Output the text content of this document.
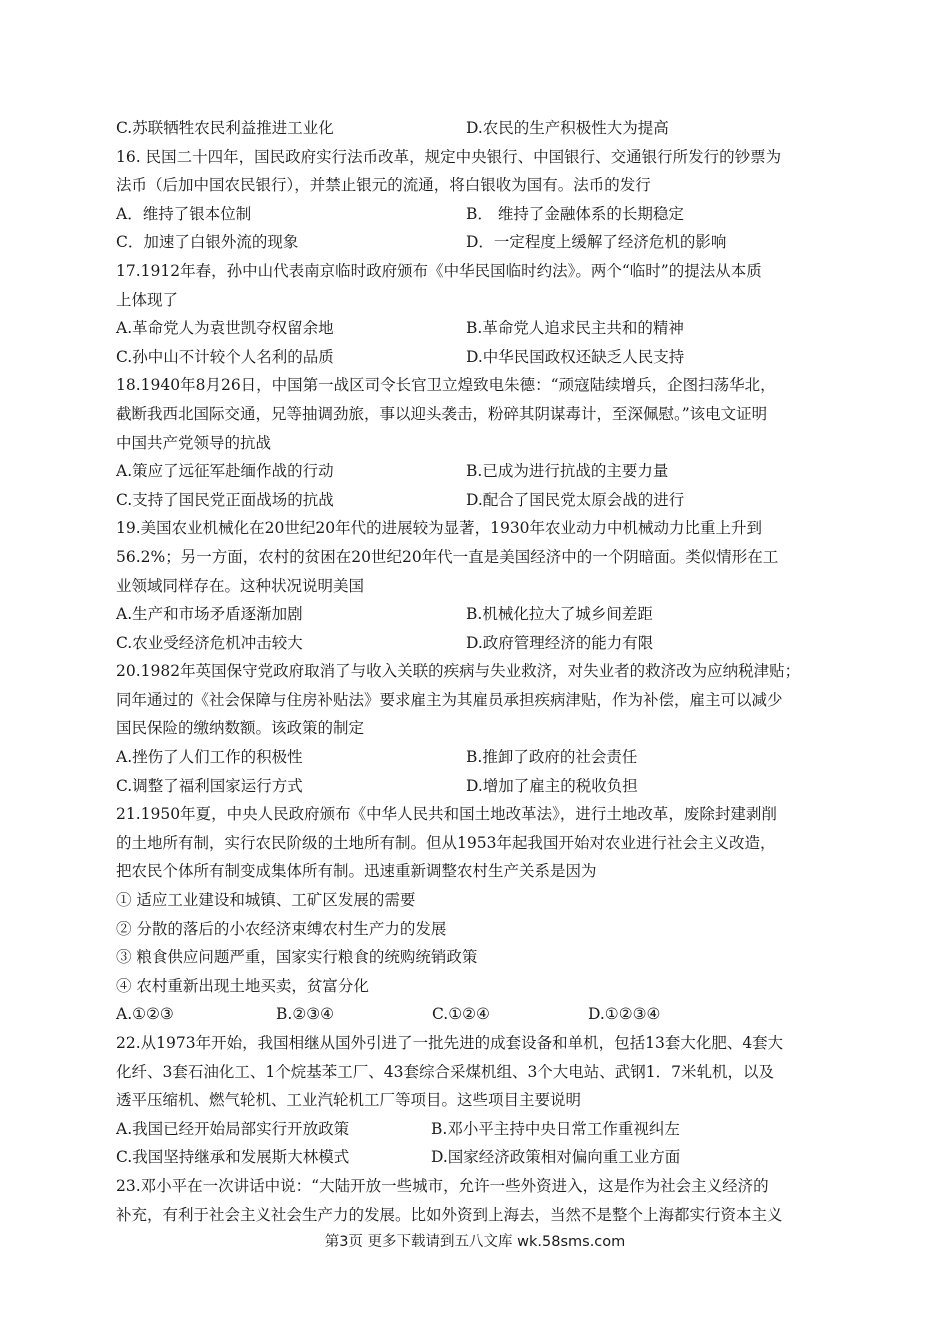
C.苏联牺牲农民利益推进工业化	D.农民的生产积极性大为提高
16. 民国二十四年，国民政府实行法币改革，规定中央银行、中国银行、交通银行所发行的钞票为
法币（后加中国农民银行），并禁止银元的流通，将白银收为国有。法币的发行
A．维持了银本位制	B． 维持了金融体系的长期稳定
C．加速了白银外流的现象	D．一定程度上缓解了经济危机的影响
17.1912年春，孙中山代表南京临时政府颁布《中华民国临时约法》。两个“临时”的提法从本质
上体现了
A.革命党人为袁世凯夺权留余地	B.革命党人追求民主共和的精神
C.孙中山不计较个人名利的品质	D.中华民国政权还缺乏人民支持
18.1940年8月26日，中国第一战区司令长官卫立煌致电朱德：“顽寇陆续增兵，企图扫荡华北，
截断我西北国际交通，兄等抽调劲旅，事以迎头袭击，粉碎其阴谋毒计，至深佩慰。”该电文证明
中国共产党领导的抗战
A.策应了远征军赴缅作战的行动	B.已成为进行抗战的主要力量
C.支持了国民党正面战场的抗战	D.配合了国民党太原会战的进行
19.美国农业机械化在20世纪20年代的进展较为显著，1930年农业动力中机械动力比重上升到
56.2%；另一方面，农村的贫困在20世纪20年代一直是美国经济中的一个阴暗面。类似情形在工
业领域同样存在。这种状况说明美国
A.生产和市场矛盾逐渐加剧	B.机械化拉大了城乡间差距
C.农业受经济危机冲击较大	D.政府管理经济的能力有限
20.1982年英国保守党政府取消了与收入关联的疾病与失业救济，对失业者的救济改为应纳税津贴；
同年通过的《社会保障与住房补贴法》要求雇主为其雇员承担疾病津贴，作为补偿，雇主可以减少
国民保险的缴纳数额。该政策的制定
A.挫伤了人们工作的积极性	B.推卸了政府的社会责任
C.调整了福利国家运行方式	D.增加了雇主的税收负担
21.1950年夏，中央人民政府颁布《中华人民共和国土地改革法》，进行土地改革，废除封建剥削
的土地所有制，实行农民阶级的土地所有制。但从1953年起我国开始对农业进行社会主义改造，
把农民个体所有制变成集体所有制。迅速重新调整农村生产关系是因为
① 适应工业建设和城镇、工矿区发展的需要
② 分散的落后的小农经济束缚农村生产力的发展
③ 粮食供应问题严重，国家实行粮食的统购统销政策
④ 农村重新出现土地买卖，贫富分化
A.①②③	B.②③④	C.①②④	D.①②③④
22.从1973年开始，我国相继从国外引进了一批先进的成套设备和单机，包括13套大化肥、4套大
化纤、3套石油化工、1个烷基苯工厂、43套综合采煤机组、3个大电站、武钢1．7米轧机，以及
透平压缩机、燃气轮机、工业汽轮机工厂等项目。这些项目主要说明
A.我国已经开始局部实行开放政策	B.邓小平主持中央日常工作重视纠左
C.我国坚持继承和发展斯大林模式	D.国家经济政策相对偏向重工业方面
23.邓小平在一次讲话中说：“大陆开放一些城市，允许一些外资进入，这是作为社会主义经济的
补充，有利于社会主义社会生产力的发展。比如外资到上海去，当然不是整个上海都实行资本主义
第3页 更多下载请到五八文库 wk.58sms.com
